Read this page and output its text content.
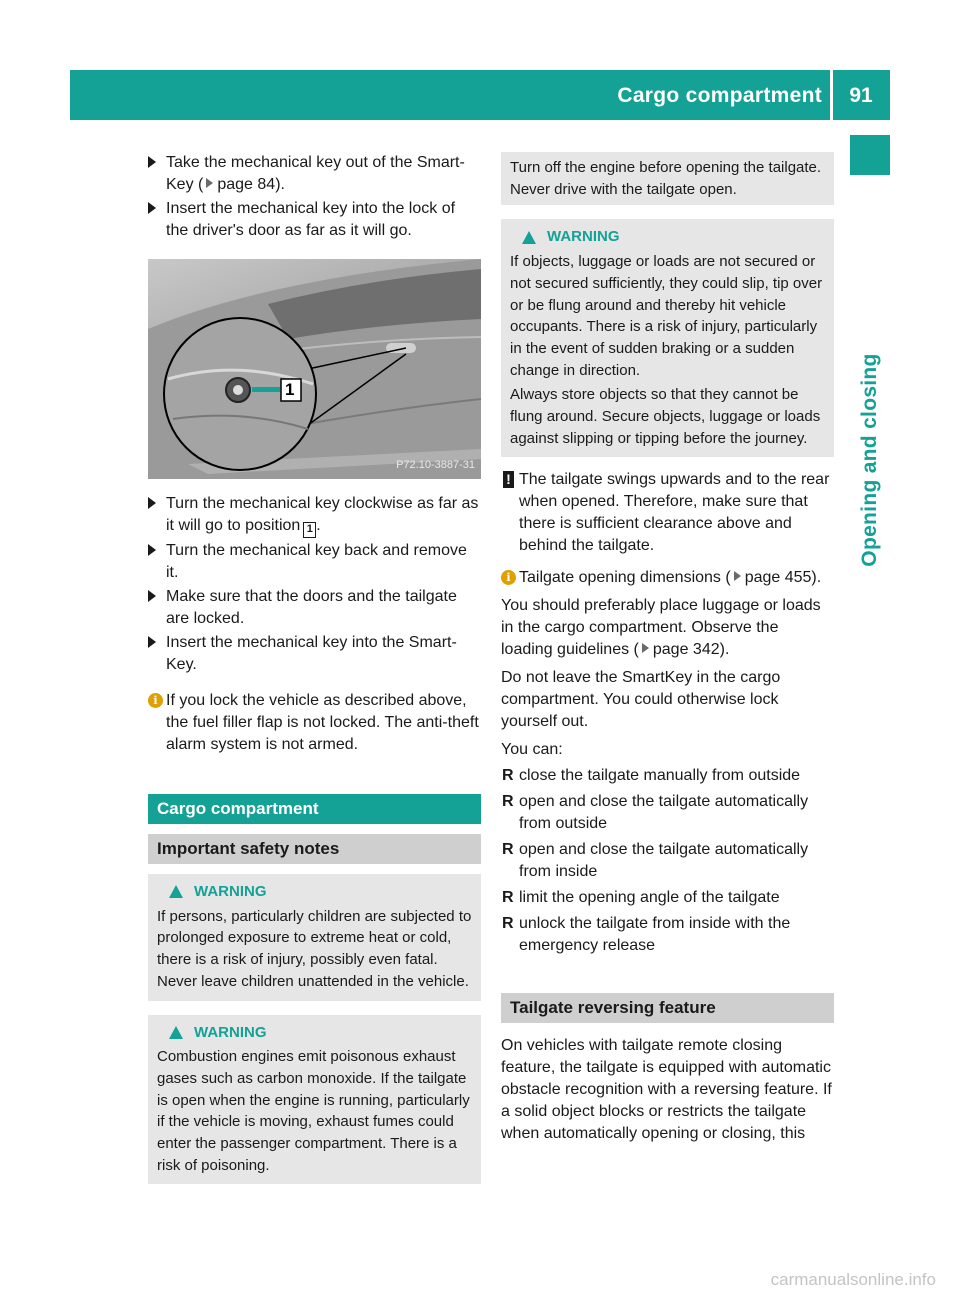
Cargo compartment	91
Opening and closing
Take the mechanical key out of the Smart-Key ( page 84).
Insert the mechanical key into the lock of the driver's door as far as it will go.
1
P72.10-3887-31
Turn the mechanical key clockwise as far as it will go to position 1 .
Turn the mechanical key back and remove it.
Make sure that the doors and the tailgate are locked.
Insert the mechanical key into the Smart-Key.
i If you lock the vehicle as described above, the fuel filler flap is not locked. The anti-theft alarm system is not armed.
Cargo compartment
Important safety notes
WARNING
If persons, particularly children are subjected to prolonged exposure to extreme heat or cold, there is a risk of injury, possibly even fatal. Never leave children unattended in the vehicle.
WARNING
Combustion engines emit poisonous exhaust gases such as carbon monoxide. If the tailgate is open when the engine is running, particularly if the vehicle is moving, exhaust fumes could enter the passenger compartment. There is a risk of poisoning.
Turn off the engine before opening the tailgate. Never drive with the tailgate open.
WARNING
If objects, luggage or loads are not secured or not secured sufficiently, they could slip, tip over or be flung around and thereby hit vehicle occupants. There is a risk of injury, particularly in the event of sudden braking or a sudden change in direction.
Always store objects so that they cannot be flung around. Secure objects, luggage or loads against slipping or tipping before the journey.
! The tailgate swings upwards and to the rear when opened. Therefore, make sure that there is sufficient clearance above and behind the tailgate.
i Tailgate opening dimensions ( page 455).
You should preferably place luggage or loads in the cargo compartment. Observe the loading guidelines ( page 342).
Do not leave the SmartKey in the cargo compartment. You could otherwise lock yourself out.
You can:
R close the tailgate manually from outside
R open and close the tailgate automatically from outside
R open and close the tailgate automatically from inside
R limit the opening angle of the tailgate
R unlock the tailgate from inside with the emergency release
Tailgate reversing feature
On vehicles with tailgate remote closing feature, the tailgate is equipped with automatic obstacle recognition with a reversing feature. If a solid object blocks or restricts the tailgate when automatically opening or closing, this
carmanualsonline.info
